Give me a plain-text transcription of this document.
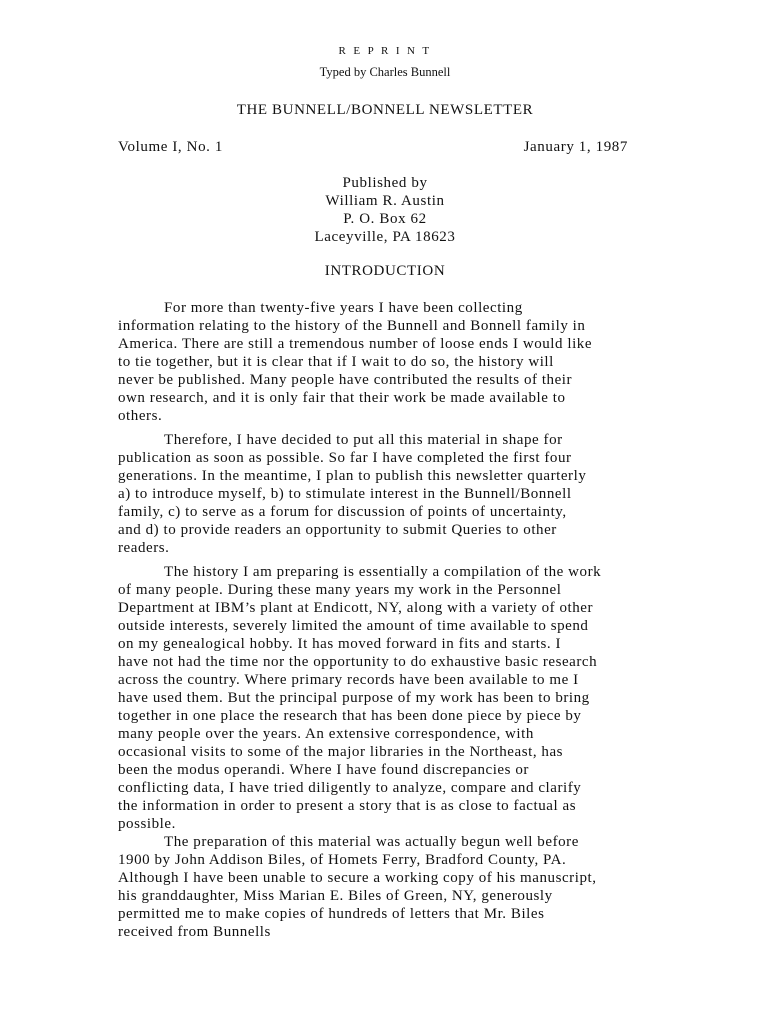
R E P R I N T
Typed by Charles Bunnell
THE BUNNELL/BONNELL NEWSLETTER
Volume I, No. 1	January 1, 1987
Published by
William R. Austin
P. O. Box 62
Laceyville, PA 18623
INTRODUCTION
For more than twenty-five years I have been collecting
information relating to the history of the Bunnell and Bonnell family in
America. There are still a tremendous number of loose ends I would like
to tie together, but it is clear that if I wait to do so, the history will
never be published. Many people have contributed the results of their
own research, and it is only fair that their work be made available to
others.
Therefore, I have decided to put all this material in shape for
publication as soon as possible. So far I have completed the first four
generations. In the meantime, I plan to publish this newsletter quarterly
a) to introduce myself, b) to stimulate interest in the Bunnell/Bonnell
family, c) to serve as a forum for discussion of points of uncertainty,
and d) to provide readers an opportunity to submit Queries to other
readers.
The history I am preparing is essentially a compilation of the work
of many people. During these many years my work in the Personnel
Department at IBM’s plant at Endicott, NY, along with a variety of other
outside interests, severely limited the amount of time available to spend
on my genealogical hobby. It has moved forward in fits and starts. I
have not had the time nor the opportunity to do exhaustive basic research
across the country. Where primary records have been available to me I
have used them. But the principal purpose of my work has been to bring
together in one place the research that has been done piece by piece by
many people over the years. An extensive correspondence, with
occasional visits to some of the major libraries in the Northeast, has
been the modus operandi. Where I have found discrepancies or
conflicting data, I have tried diligently to analyze, compare and clarify
the information in order to present a story that is as close to factual as
possible.
The preparation of this material was actually begun well before
1900 by John Addison Biles, of Homets Ferry, Bradford County, PA.
Although I have been unable to secure a working copy of his manuscript,
his granddaughter, Miss Marian E. Biles of Green, NY, generously
permitted me to make copies of hundreds of letters that Mr. Biles
received from Bunnells
